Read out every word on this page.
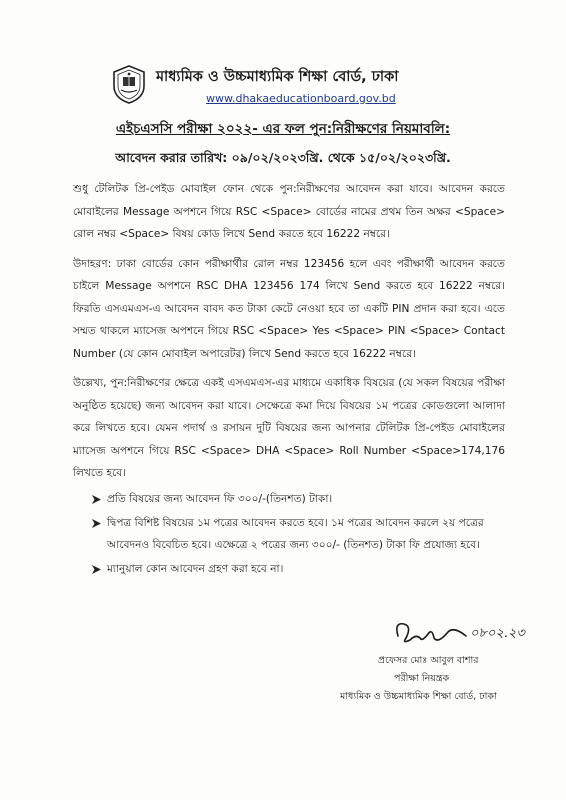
মাধ্যমিক ও উচ্চমাধ্যমিক শিক্ষা বোর্ড, ঢাকা
www.dhakaeducationboard.gov.bd
এইচএসসি পরীক্ষা ২০২২- এর ফল পুন:নিরীক্ষণের নিয়মাবলি:
আবেদন করার তারিখ: ০৯/০২/২০২৩খ্রি. থেকে ১৫/০২/২০২৩খ্রি.

শুধু টেলিটক প্রি-পেইড মোবাইল ফোন থেকে পুন:নিরীক্ষণের আবেদন করা যাবে। আবেদন করতে মোবাইলের Message অপশনে গিয়ে RSC <Space> বোর্ডের নামের প্রথম তিন অক্ষর <Space> রোল নম্বর <Space> বিষয় কোড লিখে Send করতে হবে 16222 নম্বরে।

উদাহরণ: ঢাকা বোর্ডের কোন পরীক্ষার্থীর রোল নম্বর 123456 হলে এবং পরীক্ষার্থী আবেদন করতে চাইলে Message অপশনে RSC DHA 123456 174 লিখে Send করতে হবে 16222 নম্বরে। ফিরতি এসএমএস-এ আবেদন বাবদ কত টাকা কেটে নেওয়া হবে তা একটি PIN প্রদান করা হবে। এতে সম্মত থাকলে ম্যাসেজ অপশনে গিয়ে RSC <Space> Yes <Space> PIN <Space> Contact Number (যে কোন মোবাইল অপারেটর) লিখে Send করতে হবে 16222 নম্বরে।

উল্লেখ্য, পুন:নিরীক্ষণের ক্ষেত্রে একই এসএমএস-এর মাধ্যমে একাধিক বিষয়ের (যে সকল বিষয়ের পরীক্ষা অনুষ্ঠিত হয়েছে) জন্য আবেদন করা যাবে। সেক্ষেত্রে কমা দিয়ে বিষয়ের ১ম পত্রের কোডগুলো আলাদা করে লিখতে হবে। যেমন পদার্থ ও রসায়ন দুটি বিষয়ের জন্য আপনার টেলিটক প্রি-পেইড মোবাইলের ম্যাসেজ অপশনে গিয়ে RSC <Space> DHA <Space> Roll Number <Space>174,176 লিখতে হবে।

প্রতি বিষয়ের জন্য আবেদন ফি ৩০০/-(তিনশত) টাকা।
দ্বিপত্র বিশিষ্ট বিষয়ের ১ম পত্রের আবেদন করতে হবে। ১ম পত্রের আবেদন করলে ২য় পত্রের আবেদনও বিবেচিত হবে। এক্ষেত্রে ২ পত্রের জন্য ৩০০/- (তিনশত) টাকা ফি প্রযোজ্য হবে।
ম্যানুয়াল কোন আবেদন গ্রহণ করা হবে না।
০৮০২.২৩
প্রফেসর মোঃ আবুল বাশার
পরীক্ষা নিয়ন্ত্রক
মাধ্যমিক ও উচ্চমাধ্যমিক শিক্ষা বোর্ড, ঢাকা
